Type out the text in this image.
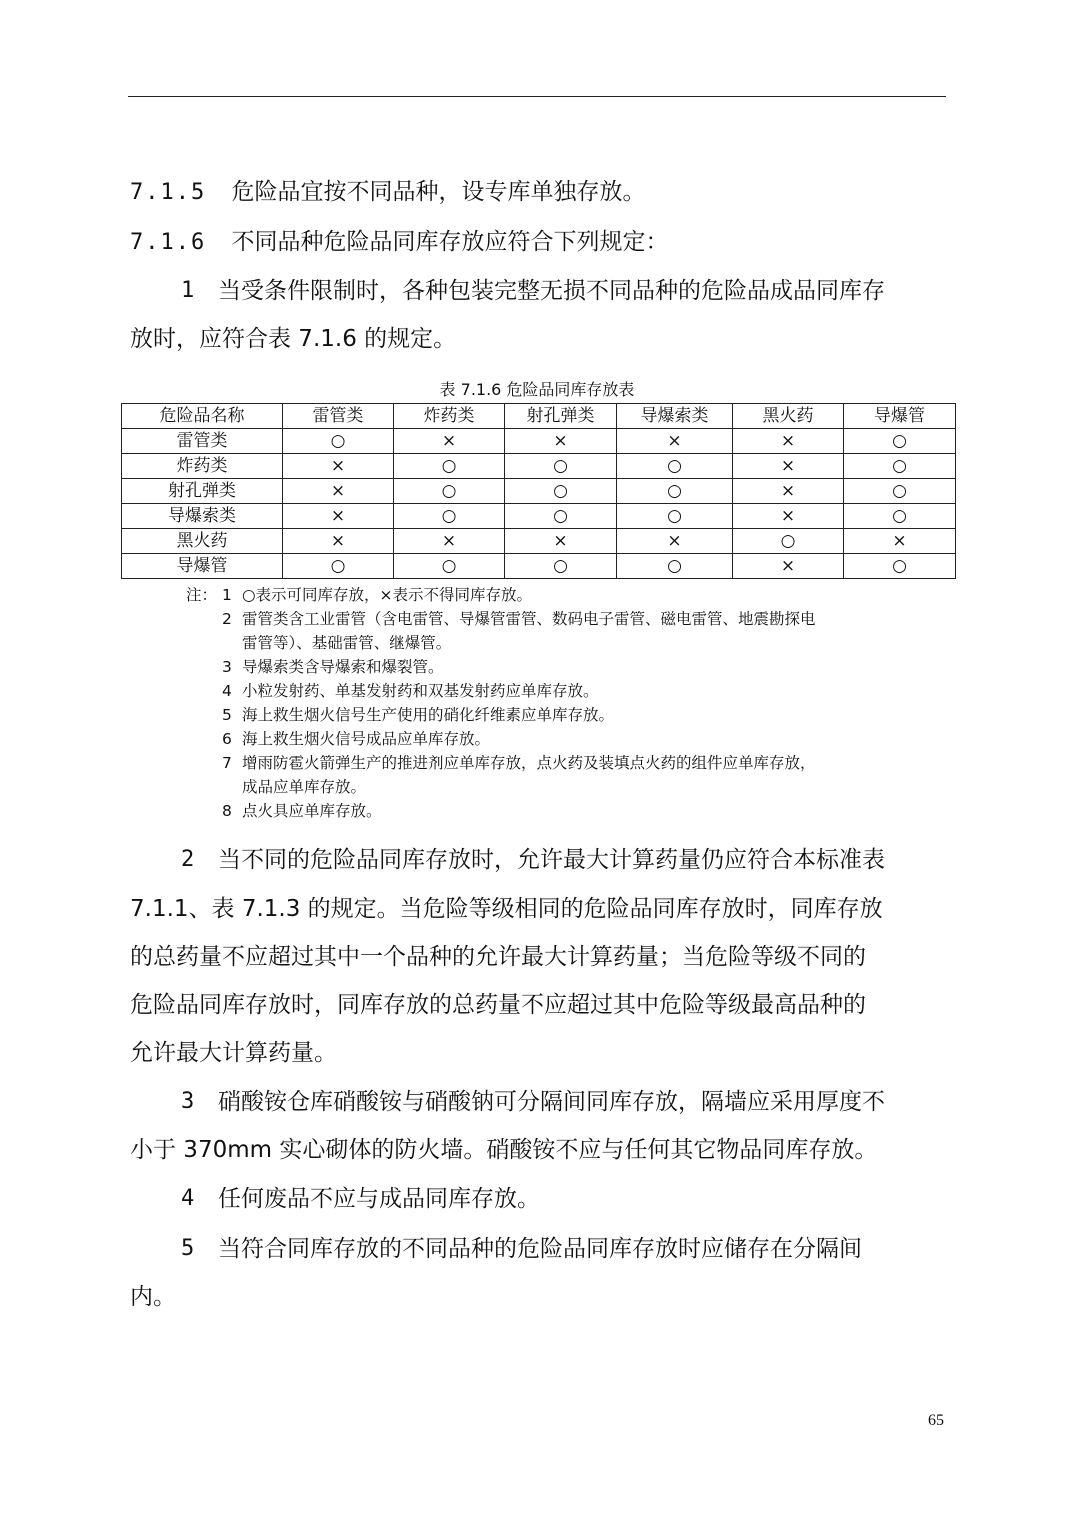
7.1.5 危险品宜按不同品种，设专库单独存放。
7.1.6 不同品种危险品同库存放应符合下列规定：
1 当受条件限制时，各种包装完整无损不同品种的危险品成品同库存
放时，应符合表 7.1.6 的规定。
表 7.1.6 危险品同库存放表
危险品名称	雷管类	炸药类	射孔弹类	导爆索类	黑火药	导爆管
雷管类	○	×	×	×	×	○
炸药类	×	○	○	○	×	○
射孔弹类	×	○	○	○	×	○
导爆索类	×	○	○	○	×	○
黑火药	×	×	×	×	○	×
导爆管	○	○	○	○	×	○
注： 1 ○表示可同库存放，×表示不得同库存放。
2 雷管类含工业雷管（含电雷管、导爆管雷管、数码电子雷管、磁电雷管、地震勘探电
雷管等）、基础雷管、继爆管。
3 导爆索类含导爆索和爆裂管。
4 小粒发射药、单基发射药和双基发射药应单库存放。
5 海上救生烟火信号生产使用的硝化纤维素应单库存放。
6 海上救生烟火信号成品应单库存放。
7 增雨防雹火箭弹生产的推进剂应单库存放，点火药及装填点火药的组件应单库存放，
成品应单库存放。
8 点火具应单库存放。
2 当不同的危险品同库存放时，允许最大计算药量仍应符合本标准表
7.1.1、表 7.1.3 的规定。当危险等级相同的危险品同库存放时，同库存放
的总药量不应超过其中一个品种的允许最大计算药量；当危险等级不同的
危险品同库存放时，同库存放的总药量不应超过其中危险等级最高品种的
允许最大计算药量。
3 硝酸铵仓库硝酸铵与硝酸钠可分隔间同库存放，隔墙应采用厚度不
小于 370mm 实心砌体的防火墙。硝酸铵不应与任何其它物品同库存放。
4 任何废品不应与成品同库存放。
5 当符合同库存放的不同品种的危险品同库存放时应储存在分隔间
内。
65
